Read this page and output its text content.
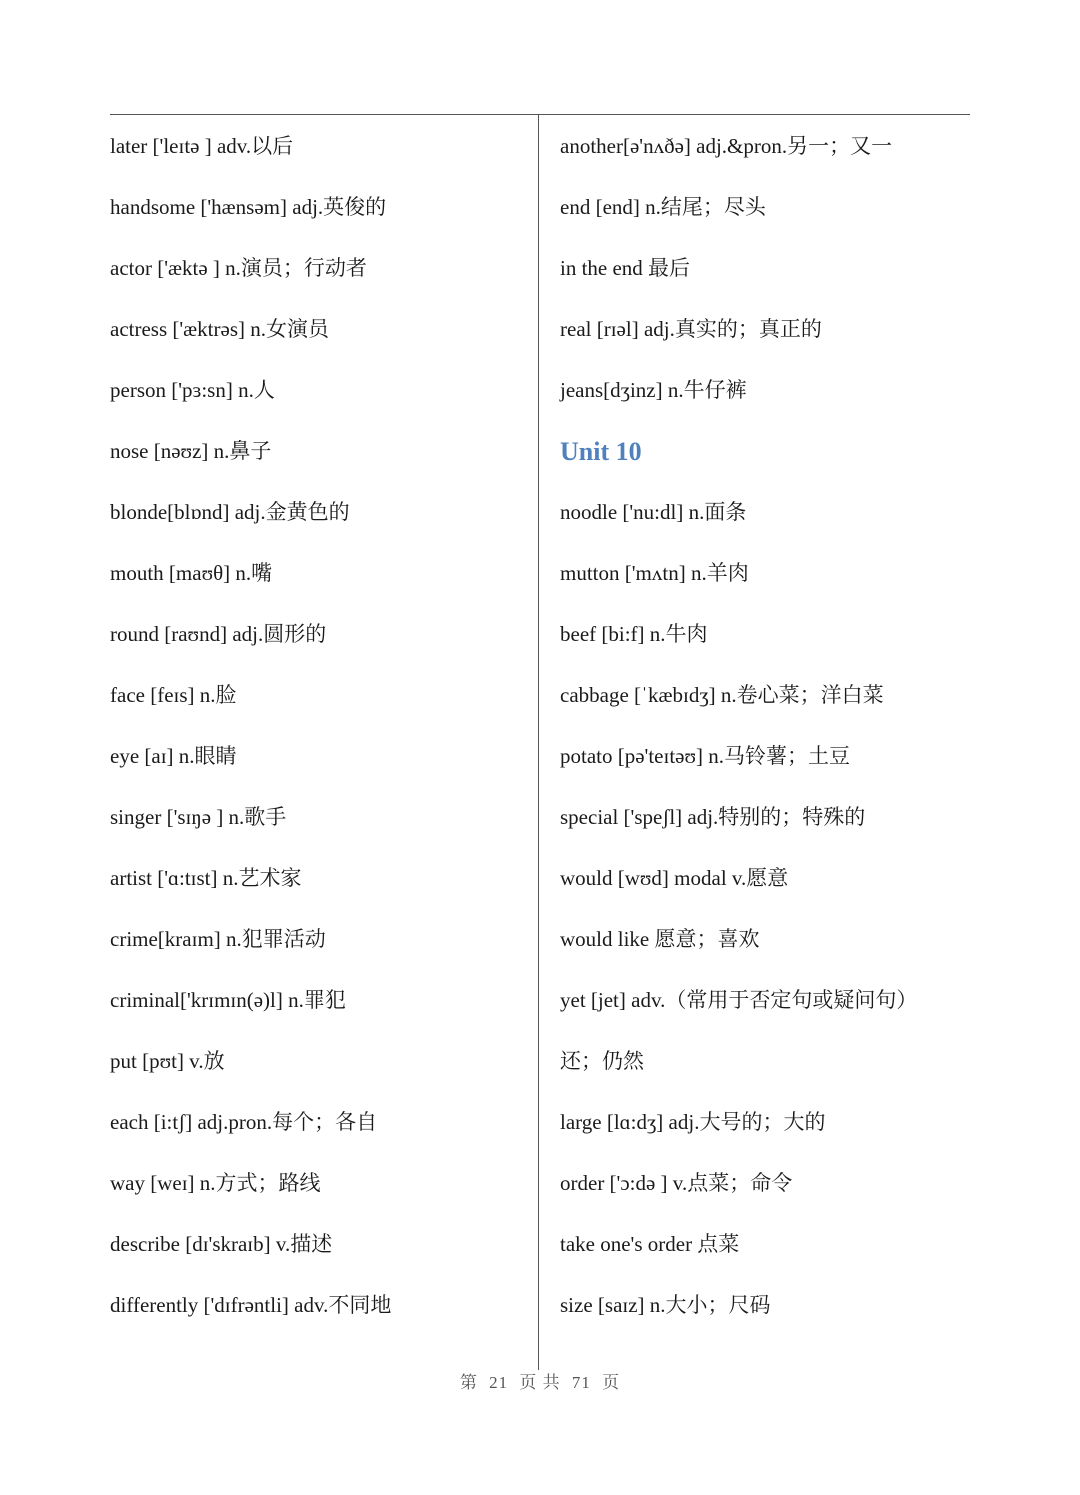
later ['leɪtə ] adv.以后
handsome ['hænsəm] adj.英俊的
actor ['æktə ] n.演员；行动者
actress ['æktrəs] n.女演员
person ['pɜ:sn] n.人
nose [nəʊz] n.鼻子
blonde[blɒnd] adj.金黄色的
mouth [maʊθ] n.嘴
round [raʊnd] adj.圆形的
face [feɪs] n.脸
eye [aɪ] n.眼睛
singer ['sɪŋə ] n.歌手
artist ['ɑ:tɪst] n.艺术家
crime[kraɪm] n.犯罪活动
criminal['krɪmɪn(ə)l] n.罪犯
put [pʊt] v.放
each [i:tʃ] adj.pron.每个；各自
way [weɪ] n.方式；路线
describe [dɪ'skraɪb] v.描述
differently ['dɪfrəntli] adv.不同地
another[ə'nʌðə] adj.&pron.另一；又一
end [end] n.结尾；尽头
in the end 最后
real [rɪəl] adj.真实的；真正的
jeans[dʒinz] n.牛仔裤
Unit 10
noodle ['nu:dl] n.面条
mutton ['mʌtn] n.羊肉
beef [bi:f] n.牛肉
cabbage [ˈkæbɪdʒ] n.卷心菜；洋白菜
potato [pə'teɪtəʊ] n.马铃薯；土豆
special ['speʃl] adj.特别的；特殊的
would [wʊd] modal v.愿意
would like 愿意；喜欢
yet [jet] adv.（常用于否定句或疑问句）
还；仍然
large [lɑ:dʒ] adj.大号的；大的
order ['ɔ:də ] v.点菜；命令
take one's order 点菜
size [saɪz] n.大小；尺码
第 21 页 共 71 页
